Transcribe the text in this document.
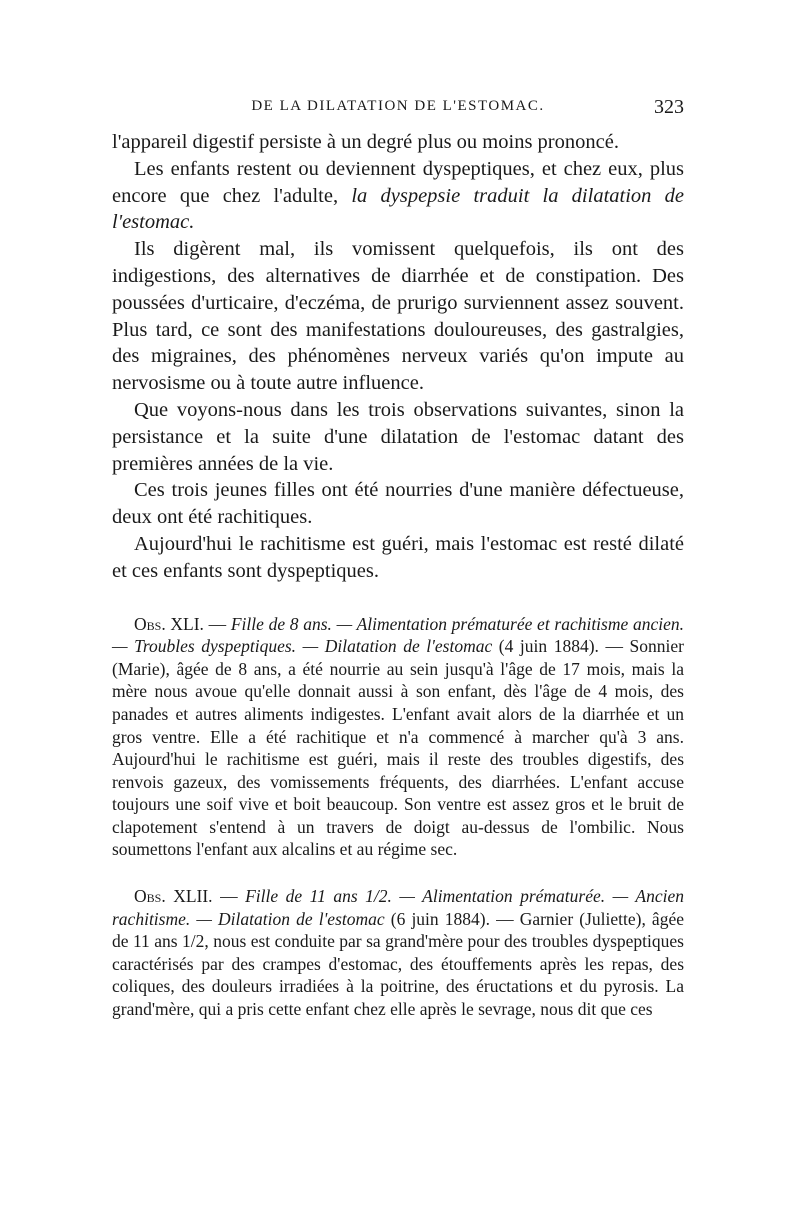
DE LA DILATATION DE L'ESTOMAC.	323

l'appareil digestif persiste à un degré plus ou moins prononcé.

Les enfants restent ou deviennent dyspeptiques, et chez eux, plus encore que chez l'adulte, la dyspepsie traduit la dilatation de l'estomac.

Ils digèrent mal, ils vomissent quelquefois, ils ont des indigestions, des alternatives de diarrhée et de constipation. Des poussées d'urticaire, d'eczéma, de prurigo surviennent assez souvent. Plus tard, ce sont des manifestations douloureuses, des gastralgies, des migraines, des phénomènes nerveux variés qu'on impute au nervosisme ou à toute autre influence.

Que voyons-nous dans les trois observations suivantes, sinon la persistance et la suite d'une dilatation de l'estomac datant des premières années de la vie.

Ces trois jeunes filles ont été nourries d'une manière défectueuse, deux ont été rachitiques.

Aujourd'hui le rachitisme est guéri, mais l'estomac est resté dilaté et ces enfants sont dyspeptiques.

Obs. XLI. — Fille de 8 ans. — Alimentation prématurée et rachitisme ancien. — Troubles dyspeptiques. — Dilatation de l'estomac (4 juin 1884). — Sonnier (Marie), âgée de 8 ans, a été nourrie au sein jusqu'à l'âge de 17 mois, mais la mère nous avoue qu'elle donnait aussi à son enfant, dès l'âge de 4 mois, des panades et autres aliments indigestes. L'enfant avait alors de la diarrhée et un gros ventre. Elle a été rachitique et n'a commencé à marcher qu'à 3 ans. Aujourd'hui le rachitisme est guéri, mais il reste des troubles digestifs, des renvois gazeux, des vomissements fréquents, des diarrhées. L'enfant accuse toujours une soif vive et boit beaucoup. Son ventre est assez gros et le bruit de clapotement s'entend à un travers de doigt au-dessus de l'ombilic. Nous soumettons l'enfant aux alcalins et au régime sec.

Obs. XLII. — Fille de 11 ans 1/2. — Alimentation prématurée. — Ancien rachitisme. — Dilatation de l'estomac (6 juin 1884). — Garnier (Juliette), âgée de 11 ans 1/2, nous est conduite par sa grand'mère pour des troubles dyspeptiques caractérisés par des crampes d'estomac, des étouffements après les repas, des coliques, des douleurs irradiées à la poitrine, des éructations et du pyrosis. La grand'mère, qui a pris cette enfant chez elle après le sevrage, nous dit que ces
